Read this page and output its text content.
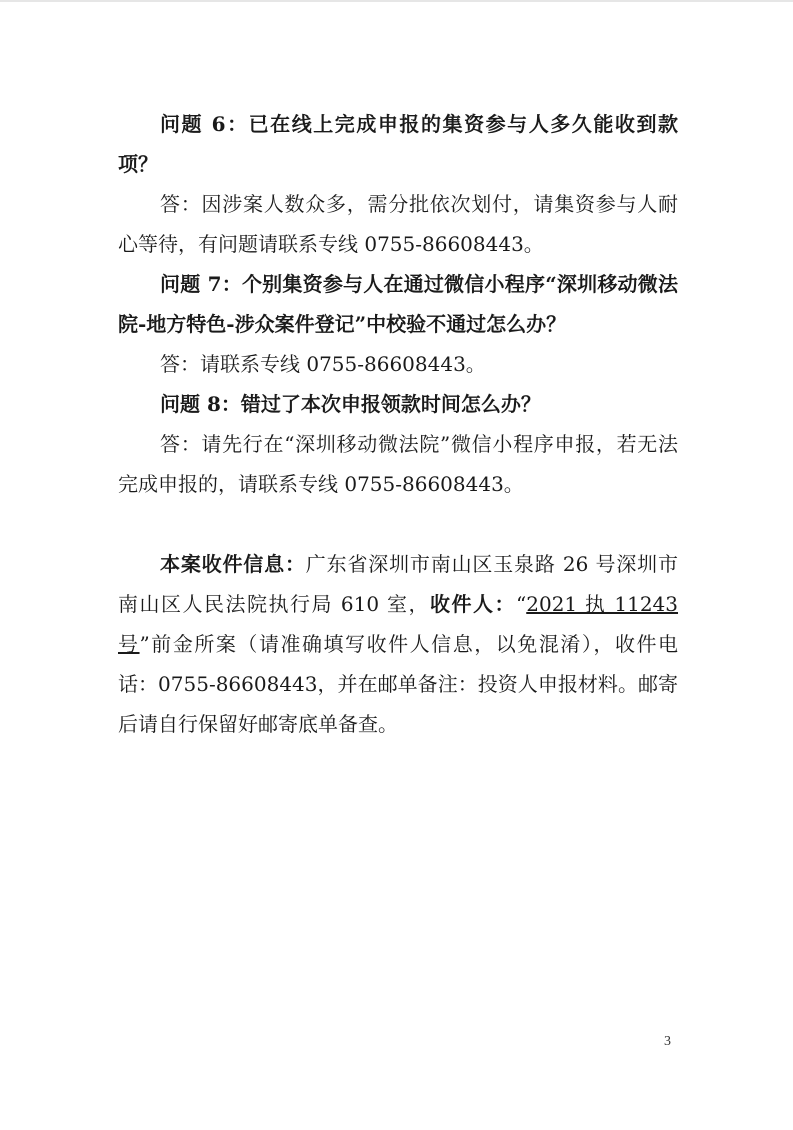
问题 6：已在线上完成申报的集资参与人多久能收到款项？

答：因涉案人数众多，需分批依次划付，请集资参与人耐心等待，有问题请联系专线 0755-86608443。

问题 7：个别集资参与人在通过微信小程序“深圳移动微法院-地方特色-涉众案件登记”中校验不通过怎么办？

答：请联系专线 0755-86608443。

问题 8：错过了本次申报领款时间怎么办？

答：请先行在“深圳移动微法院”微信小程序申报，若无法完成申报的，请联系专线 0755-86608443。

本案收件信息：广东省深圳市南山区玉泉路 26 号深圳市南山区人民法院执行局 610 室，收件人：“2021 执 11243 号”前金所案（请准确填写收件人信息，以免混淆），收件电话：0755-86608443，并在邮单备注：投资人申报材料。邮寄后请自行保留好邮寄底单备查。

3
